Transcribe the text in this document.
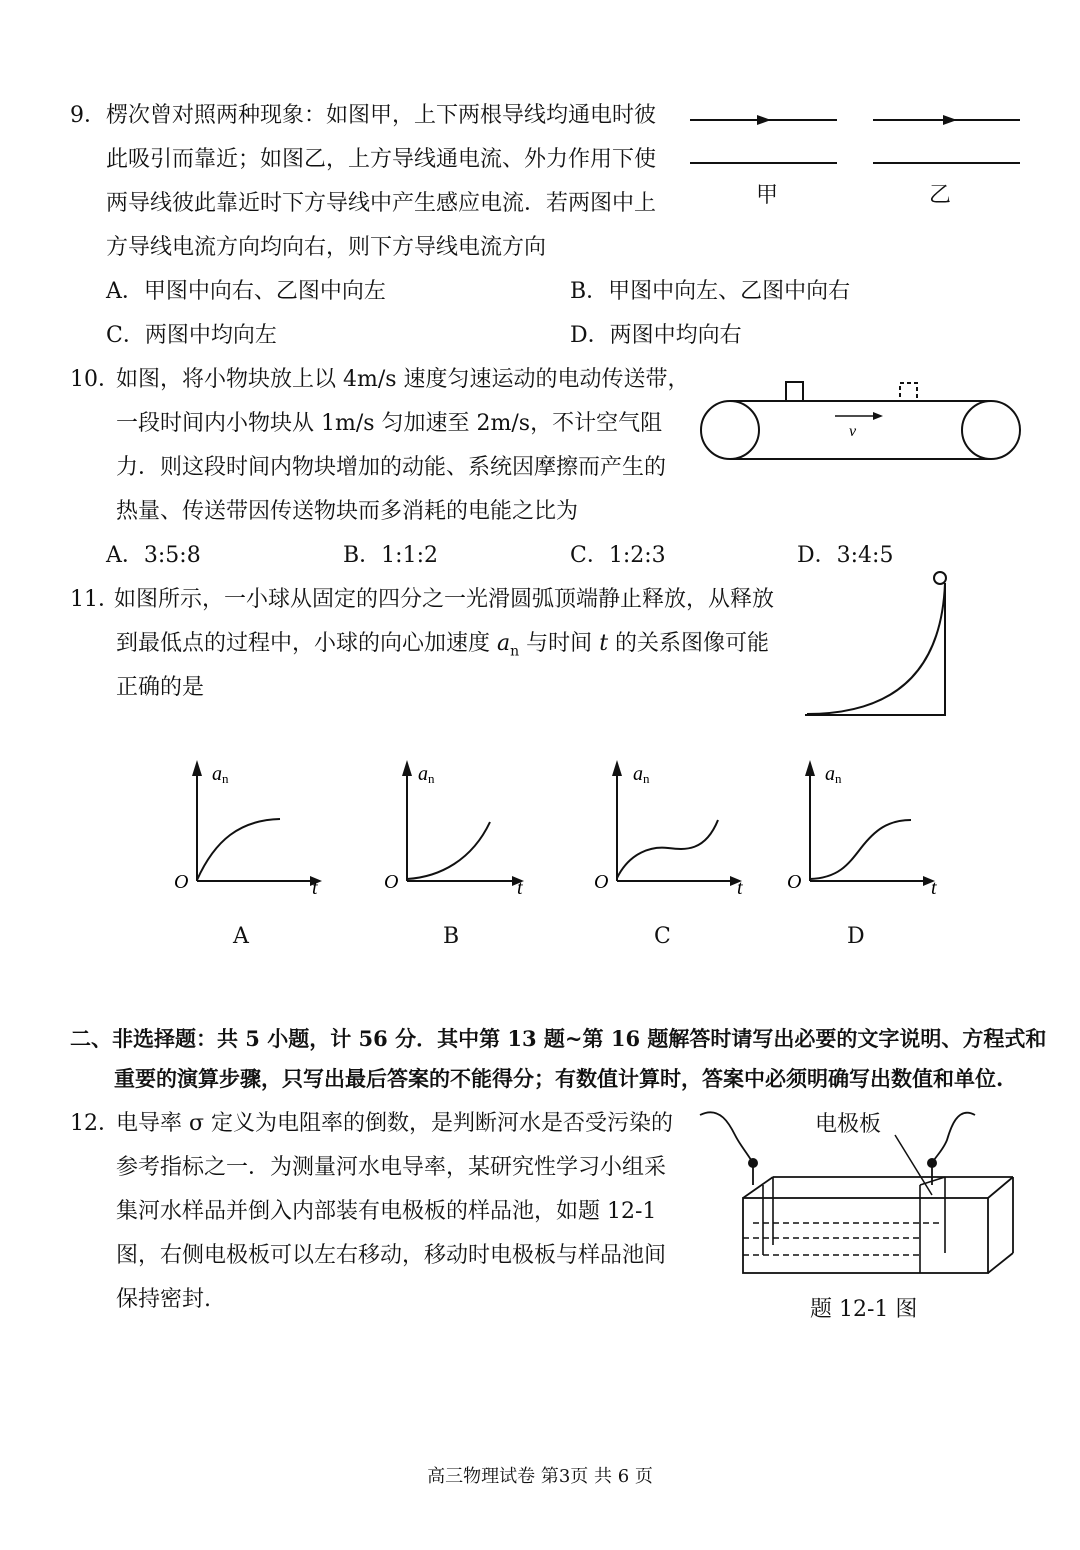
9． 楞次曾对照两种现象：如图甲，上下两根导线均通电时彼
此吸引而靠近；如图乙，上方导线通电流、外力作用下使
两导线彼此靠近时下方导线中产生感应电流．若两图中上
方导线电流方向均向右，则下方导线电流方向
甲	乙
A．甲图中向右、乙图中向左	B．甲图中向左、乙图中向右
C．两图中均向左	D．两图中均向右
10．
如图，将小物块放上以 4m/s 速度匀速运动的电动传送带，
一段时间内小物块从 1m/s 匀加速至 2m/s，不计空气阻
力．则这段时间内物块增加的动能、系统因摩擦而产生的
热量、传送带因传送物块而多消耗的电能之比为
v
A．3:5:8	B．1:1:2	C．1:2:3	D．3:4:5
11．
如图所示，一小球从固定的四分之一光滑圆弧顶端静止释放，从释放
到最低点的过程中，小球的向心加速度 $a_n$ 与时间 t 的关系图像可能
正确的是
an
O	t
an
O	t
an
O	t
an
O	t
A	B	C	D
二、非选择题：共 5 小题，计 56 分．其中第 13 题~第 16 题解答时请写出必要的文字说明、方程式和
重要的演算步骤，只写出最后答案的不能得分；有数值计算时，答案中必须明确写出数值和单位.
12．
电导率 σ 定义为电阻率的倒数，是判断河水是否受污染的
参考指标之一．为测量河水电导率，某研究性学习小组采
集河水样品并倒入内部装有电极板的样品池，如题 12-1
图，右侧电极板可以左右移动，移动时电极板与样品池间
保持密封.
电极板
题 12-1 图
高三物理试卷 第3页 共 6 页
